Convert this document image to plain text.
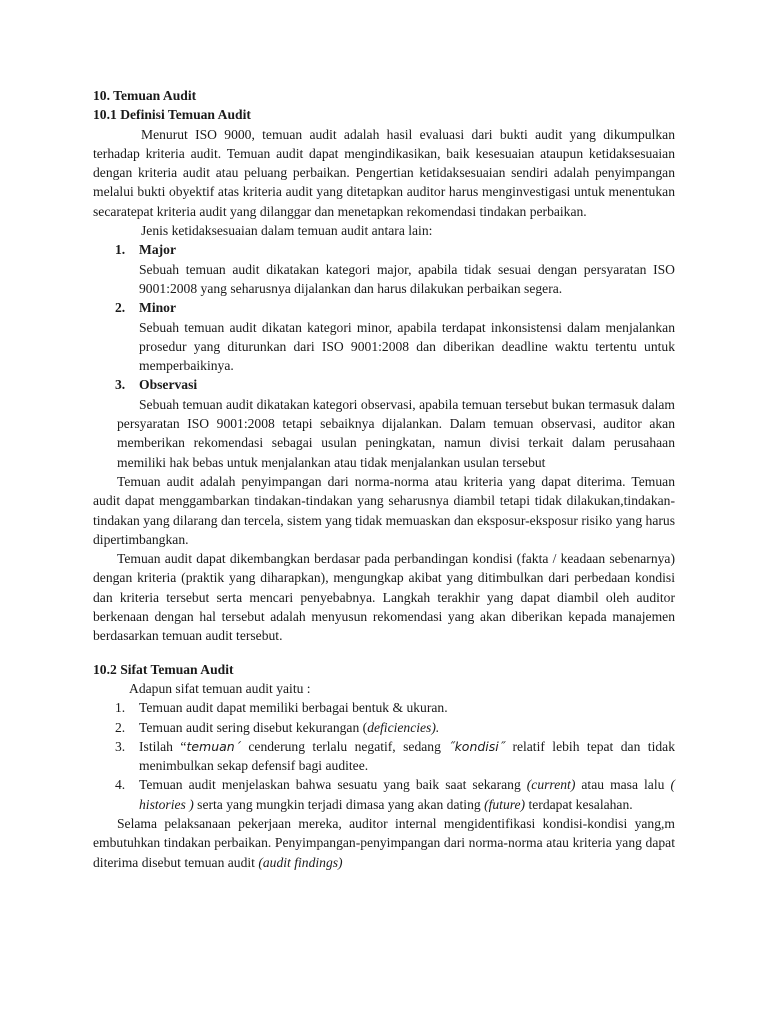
10. Temuan Audit
10.1 Definisi Temuan Audit

Menurut ISO 9000, temuan audit adalah hasil evaluasi dari bukti audit yang dikumpulkan terhadap kriteria audit. Temuan audit dapat mengindikasikan, baik kesesuaian ataupun ketidaksesuaian dengan kriteria audit atau peluang perbaikan. Pengertian ketidaksesuaian sendiri adalah penyimpangan melalui bukti obyektif atas kriteria audit yang ditetapkan auditor harus menginvestigasi untuk menentukan secaratepat kriteria audit yang dilanggar dan menetapkan rekomendasi tindakan perbaikan.

Jenis ketidaksesuaian dalam temuan audit antara lain:

1. Major

Sebuah temuan audit dikatakan kategori major, apabila tidak sesuai dengan persyaratan ISO 9001:2008 yang seharusnya dijalankan dan harus dilakukan perbaikan segera.

2. Minor

Sebuah temuan audit dikatan kategori minor, apabila terdapat inkonsistensi dalam menjalankan prosedur yang diturunkan dari ISO 9001:2008 dan diberikan deadline waktu tertentu untuk memperbaikinya.

3. Observasi

Sebuah temuan audit dikatakan kategori observasi, apabila temuan tersebut bukan termasuk dalam persyaratan ISO 9001:2008 tetapi sebaiknya dijalankan. Dalam temuan observasi, auditor akan memberikan rekomendasi sebagai usulan peningkatan, namun divisi terkait dalam perusahaan memiliki hak bebas untuk menjalankan atau tidak menjalankan usulan tersebut

Temuan audit adalah penyimpangan dari norma-norma atau kriteria yang dapat diterima. Temuan audit dapat menggambarkan tindakan-tindakan yang seharusnya diambil tetapi tidak dilakukan,tindakan-tindakan yang dilarang dan tercela, sistem yang tidak memuaskan dan eksposur-eksposur risiko yang harus dipertimbangkan.

Temuan audit dapat dikembangkan berdasar pada perbandingan kondisi (fakta / keadaan sebenarnya) dengan kriteria (praktik yang diharapkan), mengungkap akibat yang ditimbulkan dari perbedaan kondisi dan kriteria tersebut serta mencari penyebabnya. Langkah terakhir yang dapat diambil oleh auditor berkenaan dengan hal tersebut adalah menyusun rekomendasi yang akan diberikan kepada manajemen berdasarkan temuan audit tersebut.

10.2 Sifat Temuan Audit

Adapun sifat temuan audit yaitu :

1. Temuan audit dapat memiliki berbagai bentuk & ukuran.

2. Temuan audit sering disebut kekurangan (deficiencies).

3. Istilah “temuan´ cenderung terlalu negatif, sedang ˝kondisi˝ relatif lebih tepat dan tidak menimbulkan sekap defensif bagi auditee.

4. Temuan audit menjelaskan bahwa sesuatu yang baik saat sekarang (current) atau masa lalu ( histories ) serta yang mungkin terjadi dimasa yang akan dating (future) terdapat kesalahan.

Selama pelaksanaan pekerjaan mereka, auditor internal mengidentifikasi kondisi-kondisi yang,m embutuhkan tindakan perbaikan. Penyimpangan-penyimpangan dari norma-norma atau kriteria yang dapat diterima disebut temuan audit (audit findings)
